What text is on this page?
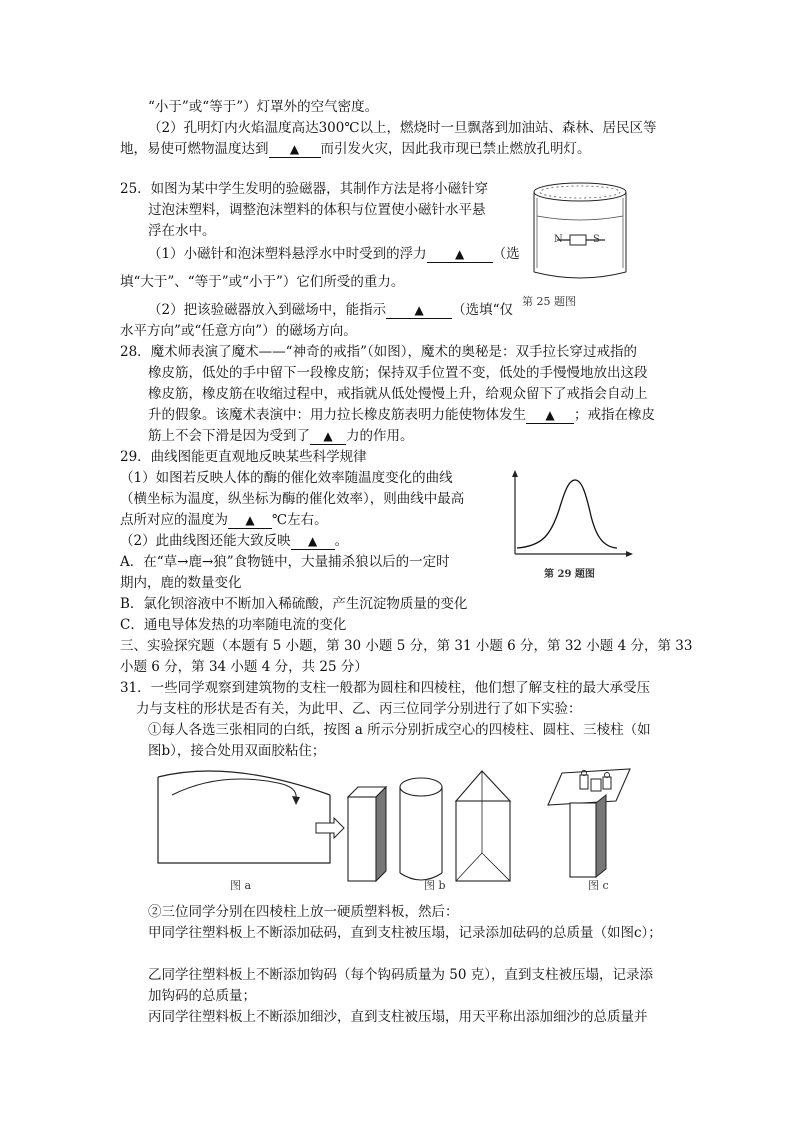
“小于”或“等于”）灯罩外的空气密度。
（2）孔明灯内火焰温度高达300℃以上，燃烧时一旦飘落到加油站、森林、居民区等
地，易使可燃物温度达到 ▲ 而引发火灾，因此我市现已禁止燃放孔明灯。
25．如图为某中学生发明的验磁器，其制作方法是将小磁针穿
过泡沫塑料，调整泡沫塑料的体积与位置使小磁针水平悬
浮在水中。
（1）小磁针和泡沫塑料悬浮水中时受到的浮力 ▲ （选
填“大于”、“等于”或“小于”）它们所受的重力。
（2）把该验磁器放入到磁场中，能指示 ▲ （选填“仅
水平方向”或“任意方向”）的磁场方向。
N	S
第 25 题图
28．魔术师表演了魔术——“神奇的戒指”（如图），魔术的奥秘是：双手拉长穿过戒指的
橡皮筋，低处的手中留下一段橡皮筋；保持双手位置不变，低处的手慢慢地放出这段
橡皮筋，橡皮筋在收缩过程中，戒指就从低处慢慢上升，给观众留下了戒指会自动上
升的假象。该魔术表演中：用力拉长橡皮筋表明力能使物体发生 ▲ ；戒指在橡皮
筋上不会下滑是因为受到了 ▲ 力的作用。
29．曲线图能更直观地反映某些科学规律
（1）如图若反映人体的酶的催化效率随温度变化的曲线
（横坐标为温度，纵坐标为酶的催化效率），则曲线中最高
点所对应的温度为 ▲ ℃左右。
（2）此曲线图还能大致反映 ▲ 。
A．在“草→鹿→狼”食物链中，大量捕杀狼以后的一定时
期内，鹿的数量变化
B．氯化钡溶液中不断加入稀硫酸，产生沉淀物质量的变化
C．通电导体发热的功率随电流的变化
第 29 题图
三、实验探究题（本题有 5 小题，第 30 小题 5 分，第 31 小题 6 分，第 32 小题 4 分，第 33
小题 6 分，第 34 小题 4 分，共 25 分）
31．一些同学观察到建筑物的支柱一般都为圆柱和四棱柱，他们想了解支柱的最大承受压
力与支柱的形状是否有关，为此甲、乙、丙三位同学分别进行了如下实验：
①每人各选三张相同的白纸，按图 a 所示分别折成空心的四棱柱、圆柱、三棱柱（如
图b），接合处用双面胶粘住；
图 a	图 b	图 c
②三位同学分别在四棱柱上放一硬质塑料板，然后：
甲同学往塑料板上不断添加砝码，直到支柱被压塌，记录添加砝码的总质量（如图c）；
乙同学往塑料板上不断添加钩码（每个钩码质量为 50 克），直到支柱被压塌，记录添
加钩码的总质量；
丙同学往塑料板上不断添加细沙，直到支柱被压塌，用天平称出添加细沙的总质量并
